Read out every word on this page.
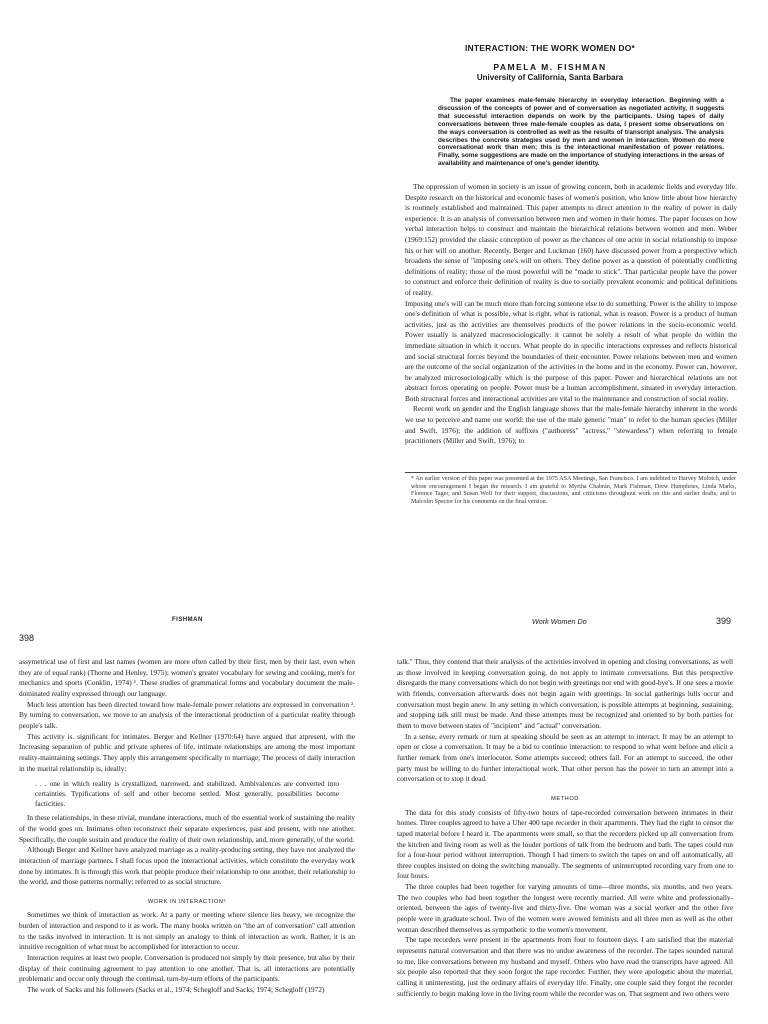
INTERACTION: THE WORK WOMEN DO*
PAMELA M. FISHMAN
University of California, Santa Barbara
The paper examines male-female hierarchy in everyday interaction. Beginning with a discussion of the concepts of power and of conversation as negotiated activity, it suggests that successful interaction depends on work by the participants. Using tapes of daily conversations between three male-female couples as data, I present some observations on the ways conversation is controlled as well as the results of transcript analysis. The analysis describes the concrete strategies used by men and women in interaction. Women do more conversational work than men; this is the interactional manifestation of power relations. Finally, some suggestions are made on the importance of studying interactions in the areas of availability and maintenance of one's gender identity.

The oppression of women in society is an issue of growing concern, both in academic fields and everyday life. Despite research on the historical and economic bases of women's position, who know little about how hierarchy is routinely established and maintained. This paper attempts to direct attention to the reality of power in daily experience. It is an analysis of conversation between men and women in their homes. The paper focuses on how verbal interaction helps to construct and maintain the hierarchical relations between women and men. Weber (1969:152) provided the classic conception of power as the chances of one actor in social relationship to impose his or her will on another. Recently, Berger and Luckman (160) have discussed power from a perspective which broadens the sense of "imposing one's will on others. They define power as a question of potentially conflicting definitions of reality; those of the most powerful will be "made to stick". That particular people have the power to construct and enforce their definition of reality is due to socially prevalent economic and political definitions of reality.

Imposing one's will can be much more than forcing someone else to do something. Power is the ability to impose one's definition of what is possible, what is right, what is rational, what is reason. Power is a product of human activities, just as the activities are themselves products of the power relations in the socio-economic world. Power usually is analyzed macrosociologically: it cannot be solely a result of what people do within the immediate situation in which it occurs. What people do in specific interactions expresses and reflects historical and social structural forces beyond the boundaries of their encounter. Power relations between men and women are the outcome of the social organization of the activities in the home and in the economy. Power can, however, be analyzed microsociologically which is the purpose of this paper. Power and hierarchical relations are not abstract forces operating on people. Power must be a human accomplishment, situated in everyday interaction. Both structural forces and interactional activities are vital to the maintenance and construction of social reality.

Recent work on gender and the English language shows that the male-female hierarchy inherent in the words we use to perceive and name our world: the use of the male generic "man" to refer to the human species (Miller and Swift, 1976); the addition of suffixes ("authoress" "actress," "stewardess") when referring to female practitioners (Miller and Swift, 1976); to

* An earlier version of this paper was presented at the 1975 ASA Meetings, San Francisco. I am indebted to Harvey Molotch, under whose encouragement I began the research. I am grateful to Myrtha Chabrán, Mark Fishman, Drew Humphries, Linda Marks, Florence Tager, and Susan Wolf for their support, discussions, and criticisms throughout work on this and earlier drafts, and to Malcolm Spector for his comments on the final version.
FISHMAN
398
Work Women Do	399

assymetrical use of first and last names (women are more often called by their first, men by their last, even when they are of equal rank) (Thorne and Henley, 1975); women's greater vocabulary for sewing and cooking, men's for mechanics and sports (Conklin, 1974) ¹. These studies of grammatical forms and vocabulary document the male-dominated reality expressed through our language.

Much less attention has been directed toward how male-female power relations are expressed in conversation ². By turning to conversation, we move to an analysis of the interactional production of a particular reality through people's talk.

This activity is. significant for intimates. Berger and Kellner (1970:64) have argued that atpresent, with the Increasing separation of public and private spheres of life, intimate relationships are among the most important reality-maintaining settings. They apply this arrangement specifically to marriage; The process of daily interaction in the marital relationship is, ideally:

. . . one in which reality is crystallized, narrowed, and stabilized. Ambivalences are converted into certainties. Typifications of self and other become settled. Most generally, possibilities become facticities.

In these relationships, in these trivial, mundane interactions, much of the essential work of sustaining the reality of the world goes on. Intimates often reconstruct their separate experiences, past and present, with one another. Specifically, the couple sustain and produce the reality of their own relationship, and, more generally, of the world.

Although Berger and Kellner have analyzed marriage as a reality-producing setting, they have not analyzed the interaction of marriage partners. I shall focus upon the interactional activities, which constitute the everyday work done by intimates. It is through this work that people produce their relationship to one another, their relationship to the world, and those patterns normally; referred to as social structure.

WORK IN INTERACTION³

Sometimes we think of interaction as work. At a party or meeting where silence lies heavy, we recognize the burden of interaction and respond to it as work. The many books written on "the art of conversation" call attention to the tasks involved in interaction. It is not simply an analogy to think of interaction as work. Rather, it is an intuitive recognition of what must be accomplished for interaction to occur.

Interaction requires at least two people. Conversation is produced not simply by their presence, but also by their display of their continuing agreement to pay attention to one another. That is, all interactions are potentially problematic and occur only through the continual, turn-by-turn efforts of the participants.

The work of Sacks and his followers (Sacks et al., 1974; Schegloff and Sacks, 1974; Schegloff (1972)

talk." Thus, they contend that their analysis of the activities involved in opening and closing conversations, as well as those involved in keeping conversation going, do not apply to intimate conversations. But this perspective disregards the many conversations which do not begin with greetings nor end with good-bye's. If one sees a movie with friends, conversation afterwards does not begin again with greetings. In social gatherings lulls occur and conversation must begin anew. In any setting in which conversation, is possible attempts at beginning, sustaining, and stopping talk still must be made. And these attempts must be recognized and oriented to by both parties for them to move between states of "incipient" and "actual" conversation.

In a sense, every remark or turn at speaking should be seen as an attempt to interact. It may be an attempt to open or close a conversation. It may be a bid to continue interaction: to respond to what went before and elicit a further remark from one's interlocutor. Some attempts succeed; others fail. For an attempt to succeed, the other party must be willing to do further interactional work. That other person has the power to turn an attempt into a conversation or to stop it dead.

METHOD

The data for this study consists of fifty-two hours of tape-recorded conversation between intimates in their homes. Three couples agreed to have a Uher 400 tape recorder in their apartments. They had the right to censor the taped material before I heard it. The apartments were small, so that the recorders picked up all conversation from the kitchen and living room as well as the louder portions of talk from the bedroom and bath. The tapes could run for a four-hour period without interruption. Though I had timers to switch the tapes on and off automatically, all three couples insisted on doing the switching manually. The segments of uninterrupted recording vary from one to four hours.

The three couples had been together for varying amounts of time—three months, six months, and two years. The two couples who had been together the longest were recently married. All were white and professionally-oriented, between the ages of twenty-five and thirty-five. One woman was a social worker and the other five people were in graduate school. Two of the women were avowed feminists and all three men as well as the other woman described themselves as sympathetic to the women's movement.

The tape recorders were present in the apartments from four to fourteen days. I am satisfied that the material represents natural conversation and that there was no undue awareness of the recorder. The tapes sounded natural to me, like conversations between my husband and myself. Others who have read the transcripts have agreed. All six people also reported that they soon forgot the tape recorder. Further, they were apologetic about the material, calling it uninteresting, just the ordinary affairs of everyday life. Finally, one couple said they forgot the recorder sufficiently to begin making love in the living room while the recorder was on. That segment and two others were
